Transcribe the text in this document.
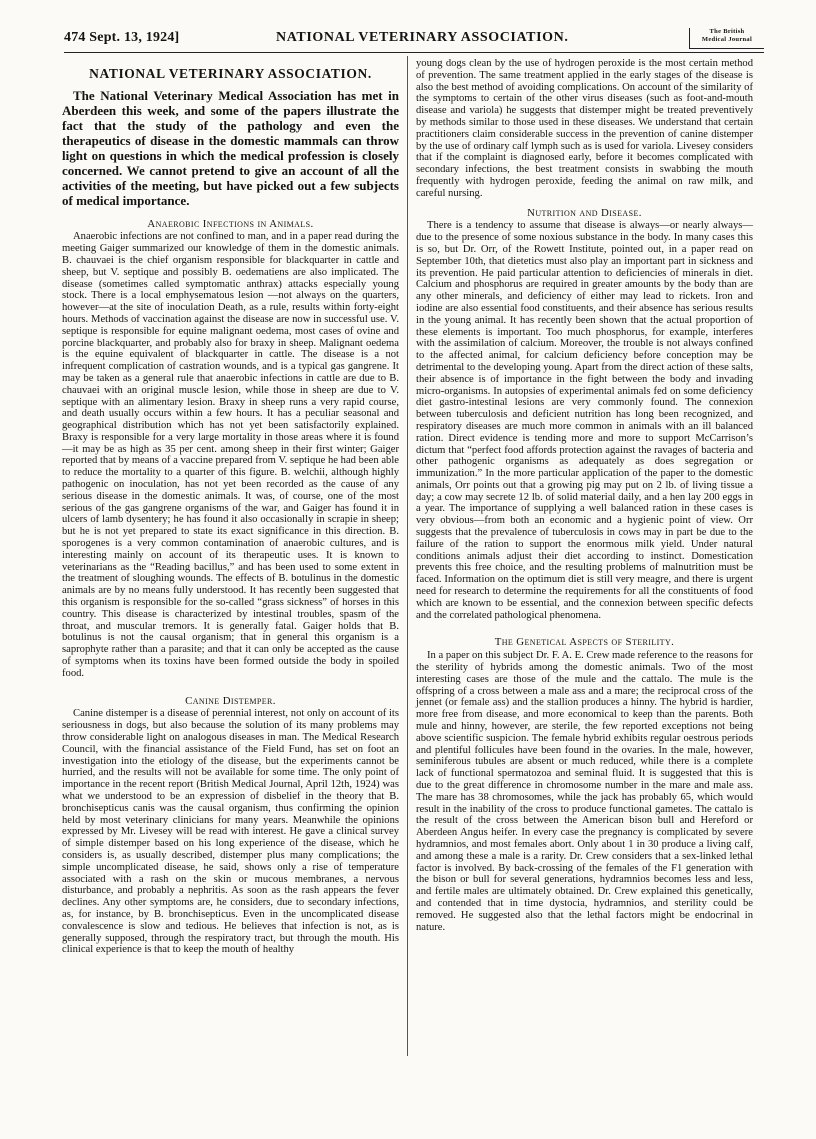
474 Sept. 13, 1924]	NATIONAL VETERINARY ASSOCIATION.	The British
Medical Journal
NATIONAL VETERINARY ASSOCIATION.

The National Veterinary Medical Association has met in Aberdeen this week, and some of the papers illustrate the fact that the study of the pathology and even the therapeutics of disease in the domestic mammals can throw light on questions in which the medical profession is closely concerned. We cannot pretend to give an account of all the activities of the meeting, but have picked out a few subjects of medical importance.

Anaerobic Infections in Animals.

Anaerobic infections are not confined to man, and in a paper read during the meeting Gaiger summarized our knowledge of them in the domestic animals. B. chauvaei is the chief organism responsible for blackquarter in cattle and sheep, but V. septique and possibly B. oedematiens are also implicated. The disease (sometimes called symptomatic anthrax) attacks especially young stock. There is a local emphysematous lesion —not always on the quarters, however—at the site of inoculation Death, as a rule, results within forty-eight hours. Methods of vaccination against the disease are now in successful use. V. septique is responsible for equine malignant oedema, most cases of ovine and porcine blackquarter, and probably also for braxy in sheep. Malignant oedema is the equine equivalent of blackquarter in cattle. The disease is a not infrequent complication of castration wounds, and is a typical gas gangrene. It may be taken as a general rule that anaerobic infections in cattle are due to B. chauvaei with an original muscle lesion, while those in sheep are due to V. septique with an alimentary lesion. Braxy in sheep runs a very rapid course, and death usually occurs within a few hours. It has a peculiar seasonal and geographical distribution which has not yet been satisfactorily explained. Braxy is responsible for a very large mortality in those areas where it is found—it may be as high as 35 per cent. among sheep in their first winter; Gaiger reported that by means of a vaccine prepared from V. septique he had been able to reduce the mortality to a quarter of this figure. B. welchii, although highly pathogenic on inoculation, has not yet been recorded as the cause of any serious disease in the domestic animals. It was, of course, one of the most serious of the gas gangrene organisms of the war, and Gaiger has found it in ulcers of lamb dysentery; he has found it also occasionally in scrapie in sheep; but he is not yet prepared to state its exact significance in this direction. B. sporogenes is a very common contamination of anaerobic cultures, and is interesting mainly on account of its therapeutic uses. It is known to veterinarians as the “Reading bacillus,” and has been used to some extent in the treatment of sloughing wounds. The effects of B. botulinus in the domestic animals are by no means fully understood. It has recently been suggested that this organism is responsible for the so-called “grass sickness” of horses in this country. This disease is characterized by intestinal troubles, spasm of the throat, and muscular tremors. It is generally fatal. Gaiger holds that B. botulinus is not the causal organism; that in general this organism is a saprophyte rather than a parasite; and that it can only be accepted as the cause of symptoms when its toxins have been formed outside the body in spoiled food.

Canine Distemper.

Canine distemper is a disease of perennial interest, not only on account of its seriousness in dogs, but also because the solution of its many problems may throw considerable light on analogous diseases in man. The Medical Research Council, with the financial assistance of the Field Fund, has set on foot an investigation into the etiology of the disease, but the experiments cannot be hurried, and the results will not be available for some time. The only point of importance in the recent report (British Medical Journal, April 12th, 1924) was what we understood to be an expression of disbelief in the theory that B. bronchisepticus canis was the causal organism, thus confirming the opinion held by most veterinary clinicians for many years. Meanwhile the opinions expressed by Mr. Livesey will be read with interest. He gave a clinical survey of simple distemper based on his long experience of the disease, which he considers is, as usually described, distemper plus many complications; the simple uncomplicated disease, he said, shows only a rise of temperature associated with a rash on the skin or mucous membranes, a nervous disturbance, and probably a nephritis. As soon as the rash appears the fever declines. Any other symptoms are, he considers, due to secondary infections, as, for instance, by B. bronchisepticus. Even in the uncomplicated disease convalescence is slow and tedious. He believes that infection is not, as is generally supposed, through the respiratory tract, but through the mouth. His clinical experience is that to keep the mouth of healthy

young dogs clean by the use of hydrogen peroxide is the most certain method of prevention. The same treatment applied in the early stages of the disease is also the best method of avoiding complications. On account of the similarity of the symptoms to certain of the other virus diseases (such as foot-and-mouth disease and variola) he suggests that distemper might be treated preventively by methods similar to those used in these diseases. We understand that certain practitioners claim considerable success in the prevention of canine distemper by the use of ordinary calf lymph such as is used for variola. Livesey considers that if the complaint is diagnosed early, before it becomes complicated with secondary infections, the best treatment consists in swabbing the mouth frequently with hydrogen peroxide, feeding the animal on raw milk, and careful nursing.

Nutrition and Disease.

There is a tendency to assume that disease is always—or nearly always—due to the presence of some noxious substance in the body. In many cases this is so, but Dr. Orr, of the Rowett Institute, pointed out, in a paper read on September 10th, that dietetics must also play an important part in sickness and its prevention. He paid particular attention to deficiencies of minerals in diet. Calcium and phosphorus are required in greater amounts by the body than are any other minerals, and deficiency of either may lead to rickets. Iron and iodine are also essential food constituents, and their absence has serious results in the young animal. It has recently been shown that the actual proportion of these elements is important. Too much phosphorus, for example, interferes with the assimilation of calcium. Moreover, the trouble is not always confined to the affected animal, for calcium deficiency before conception may be detrimental to the developing young. Apart from the direct action of these salts, their absence is of importance in the fight between the body and invading micro-organisms. In autopsies of experimental animals fed on some deficiency diet gastro-intestinal lesions are very commonly found. The connexion between tuberculosis and deficient nutrition has long been recognized, and respiratory diseases are much more common in animals with an ill balanced ration. Direct evidence is tending more and more to support McCarrison’s dictum that “perfect food affords protection against the ravages of bacteria and other pathogenic organisms as adequately as does segregation or immunization.” In the more particular application of the paper to the domestic animals, Orr points out that a growing pig may put on 2 lb. of living tissue a day; a cow may secrete 12 lb. of solid material daily, and a hen lay 200 eggs in a year. The importance of supplying a well balanced ration in these cases is very obvious—from both an economic and a hygienic point of view. Orr suggests that the prevalence of tuberculosis in cows may in part be due to the failure of the ration to support the enormous milk yield. Under natural conditions animals adjust their diet according to instinct. Domestication prevents this free choice, and the resulting problems of malnutrition must be faced. Information on the optimum diet is still very meagre, and there is urgent need for research to determine the requirements for all the constituents of food which are known to be essential, and the connexion between specific defects and the correlated pathological phenomena.

The Genetical Aspects of Sterility.

In a paper on this subject Dr. F. A. E. Crew made reference to the reasons for the sterility of hybrids among the domestic animals. Two of the most interesting cases are those of the mule and the cattalo. The mule is the offspring of a cross between a male ass and a mare; the reciprocal cross of the jennet (or female ass) and the stallion produces a hinny. The hybrid is hardier, more free from disease, and more economical to keep than the parents. Both mule and hinny, however, are sterile, the few reported exceptions not being above scientific suspicion. The female hybrid exhibits regular oestrous periods and plentiful follicules have been found in the ovaries. In the male, however, seminiferous tubules are absent or much reduced, while there is a complete lack of functional spermatozoa and seminal fluid. It is suggested that this is due to the great difference in chromosome number in the mare and male ass. The mare has 38 chromosomes, while the jack has probably 65, which would result in the inability of the cross to produce functional gametes. The cattalo is the result of the cross between the American bison bull and Hereford or Aberdeen Angus heifer. In every case the pregnancy is complicated by severe hydramnios, and most females abort. Only about 1 in 30 produce a living calf, and among these a male is a rarity. Dr. Crew considers that a sex-linked lethal factor is involved. By back-crossing of the females of the F1 generation with the bison or bull for several generations, hydramnios becomes less and less, and fertile males are ultimately obtained. Dr. Crew explained this genetically, and contended that in time dystocia, hydramnios, and sterility could be removed. He suggested also that the lethal factors might be endocrinal in nature.
